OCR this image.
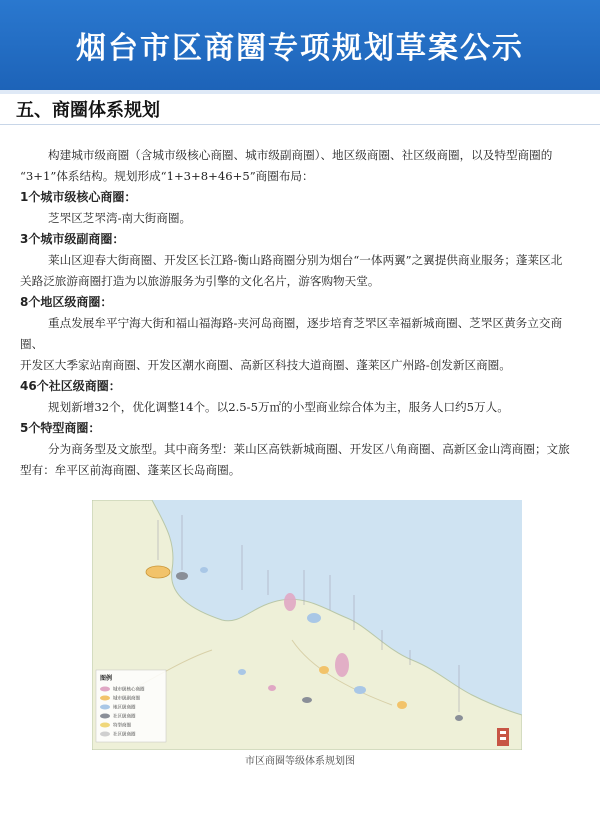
烟台市区商圈专项规划草案公示
五、商圈体系规划

构建城市级商圈（含城市级核心商圈、城市级副商圈）、地区级商圈、社区级商圈，以及特型商圈的

“3+1”体系结构。规划形成“1+3+8+46+5”商圈布局：

1个城市级核心商圈：

芝罘区芝罘湾-南大街商圈。

3个城市级副商圈：

莱山区迎春大街商圈、开发区长江路-衡山路商圈分别为烟台“一体两翼”之翼提供商业服务；蓬莱区北

关路泛旅游商圈打造为以旅游服务为引擎的文化名片，游客购物天堂。

8个地区级商圈：

重点发展牟平宁海大街和福山福海路-夹河岛商圈，逐步培育芝罘区幸福新城商圈、芝罘区黄务立交商圈、

开发区大季家站南商圈、开发区潮水商圈、高新区科技大道商圈、蓬莱区广州路-创发新区商圈。

46个社区级商圈：

规划新增32个，优化调整14个。以2.5-5万㎡的小型商业综合体为主，服务人口约5万人。

5个特型商圈：

分为商务型及文旅型。其中商务型：莱山区高铁新城商圈、开发区八角商圈、高新区金山湾商圈；文旅

型有：牟平区前海商圈、蓬莱区长岛商圈。

图例
城市级核心商圈
城市级副商圈
地区级商圈
社区级商圈
特型商圈
社区级商圈
市区商圈等级体系规划图
